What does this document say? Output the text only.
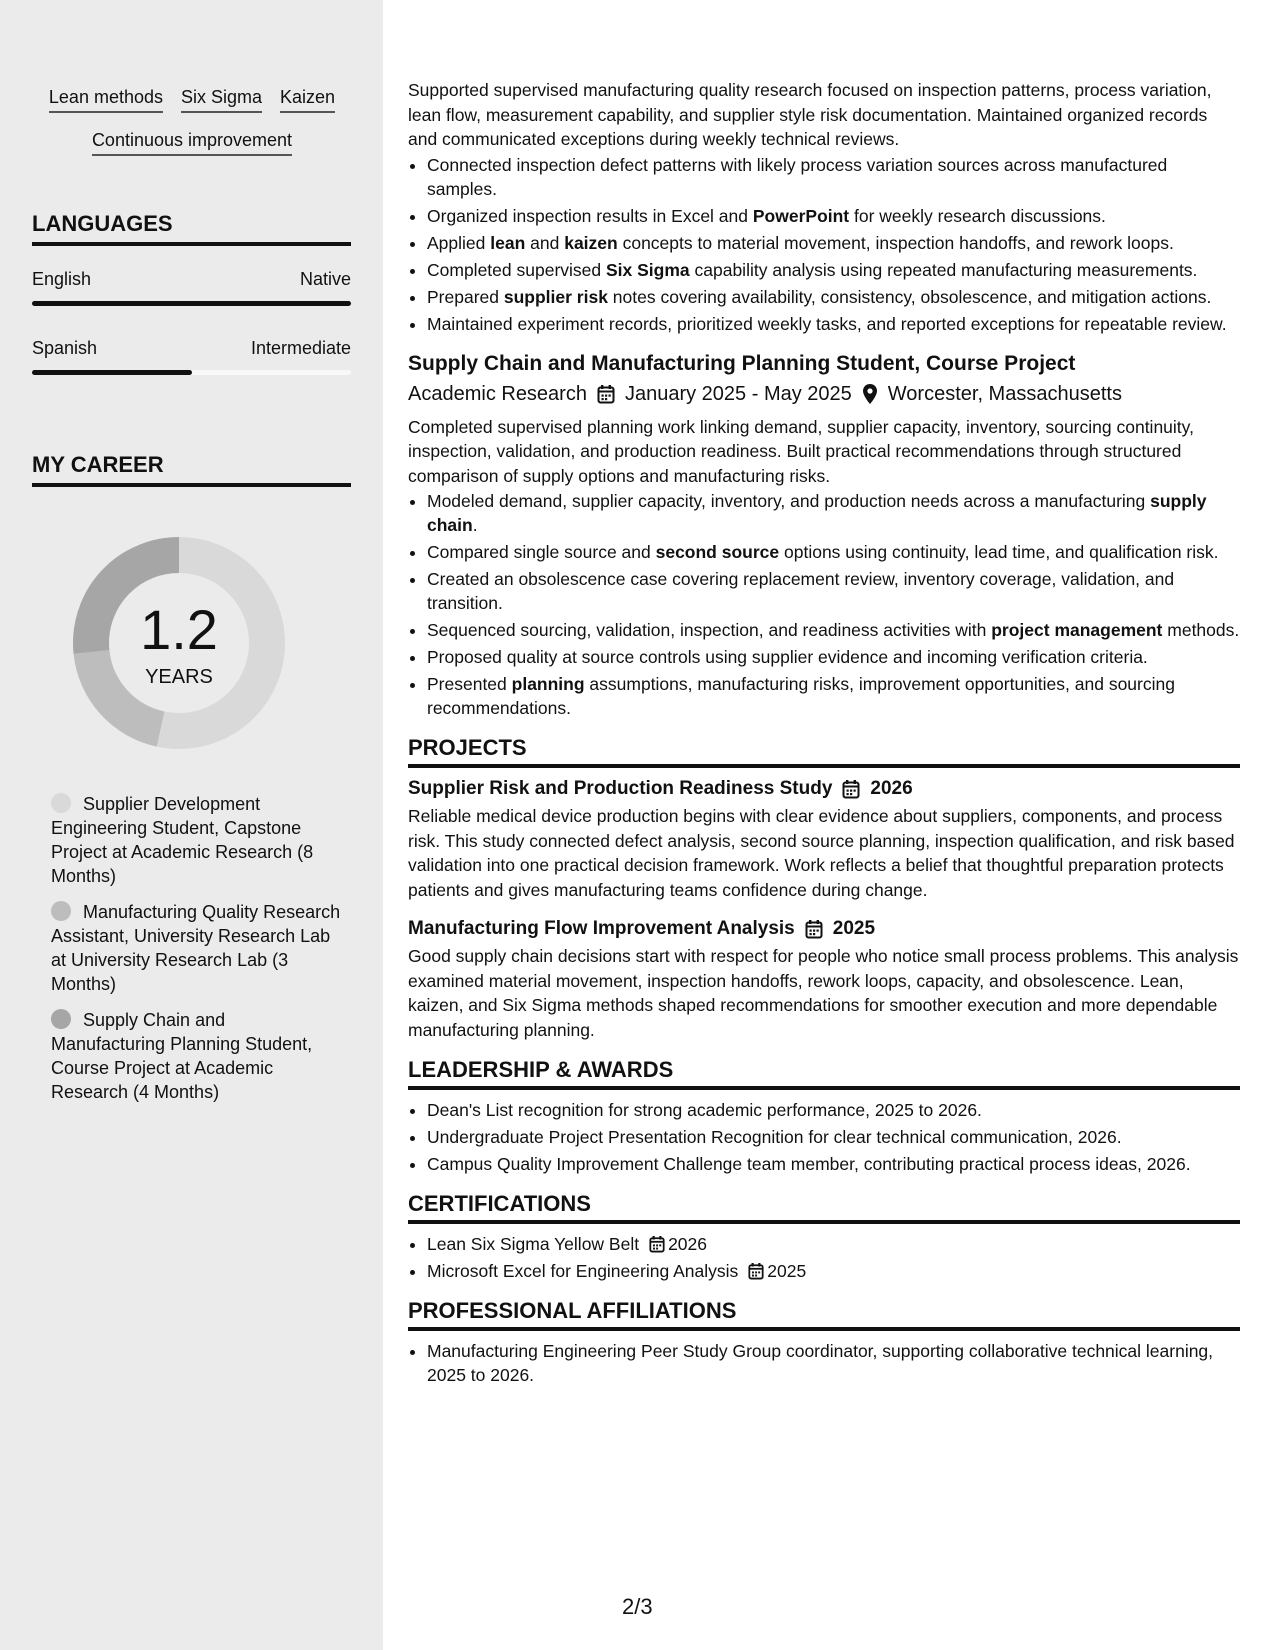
Lean methods Six Sigma Kaizen
Continuous improvement
LANGUAGES
English	Native
Spanish	Intermediate
MY CAREER
1.2
YEARS
Supplier Development Engineering Student, Capstone Project at Academic Research (8 Months)
Manufacturing Quality Research Assistant, University Research Lab at University Research Lab (3 Months)
Supply Chain and Manufacturing Planning Student, Course Project at Academic Research (4 Months)

Supported supervised manufacturing quality research focused on inspection patterns, process variation, lean flow, measurement capability, and supplier style risk documentation. Maintained organized records and communicated exceptions during weekly technical reviews.

• Connected inspection defect patterns with likely process variation sources across manufactured samples.
• Organized inspection results in Excel and PowerPoint for weekly research discussions.
• Applied lean and kaizen concepts to material movement, inspection handoffs, and rework loops.
• Completed supervised Six Sigma capability analysis using repeated manufacturing measurements.
• Prepared supplier risk notes covering availability, consistency, obsolescence, and mitigation actions.
• Maintained experiment records, prioritized weekly tasks, and reported exceptions for repeatable review.
Supply Chain and Manufacturing Planning Student, Course Project
Academic Research January 2025 - May 2025 Worcester, Massachusetts

Completed supervised planning work linking demand, supplier capacity, inventory, sourcing continuity, inspection, validation, and production readiness. Built practical recommendations through structured comparison of supply options and manufacturing risks.

• Modeled demand, supplier capacity, inventory, and production needs across a manufacturing supply chain.
• Compared single source and second source options using continuity, lead time, and qualification risk.
• Created an obsolescence case covering replacement review, inventory coverage, validation, and transition.
• Sequenced sourcing, validation, inspection, and readiness activities with project management methods.
• Proposed quality at source controls using supplier evidence and incoming verification criteria.
• Presented planning assumptions, manufacturing risks, improvement opportunities, and sourcing recommendations.
PROJECTS
Supplier Risk and Production Readiness Study 2026

Reliable medical device production begins with clear evidence about suppliers, components, and process risk. This study connected defect analysis, second source planning, inspection qualification, and risk based validation into one practical decision framework. Work reflects a belief that thoughtful preparation protects patients and gives manufacturing teams confidence during change.

Manufacturing Flow Improvement Analysis 2025

Good supply chain decisions start with respect for people who notice small process problems. This analysis examined material movement, inspection handoffs, rework loops, capacity, and obsolescence. Lean, kaizen, and Six Sigma methods shaped recommendations for smoother execution and more dependable manufacturing planning.

LEADERSHIP & AWARDS
• Dean's List recognition for strong academic performance, 2025 to 2026.
• Undergraduate Project Presentation Recognition for clear technical communication, 2026.
• Campus Quality Improvement Challenge team member, contributing practical process ideas, 2026.
CERTIFICATIONS
• Lean Six Sigma Yellow Belt 2026
• Microsoft Excel for Engineering Analysis 2025
PROFESSIONAL AFFILIATIONS
• Manufacturing Engineering Peer Study Group coordinator, supporting collaborative technical learning, 2025 to 2026.
2/3
